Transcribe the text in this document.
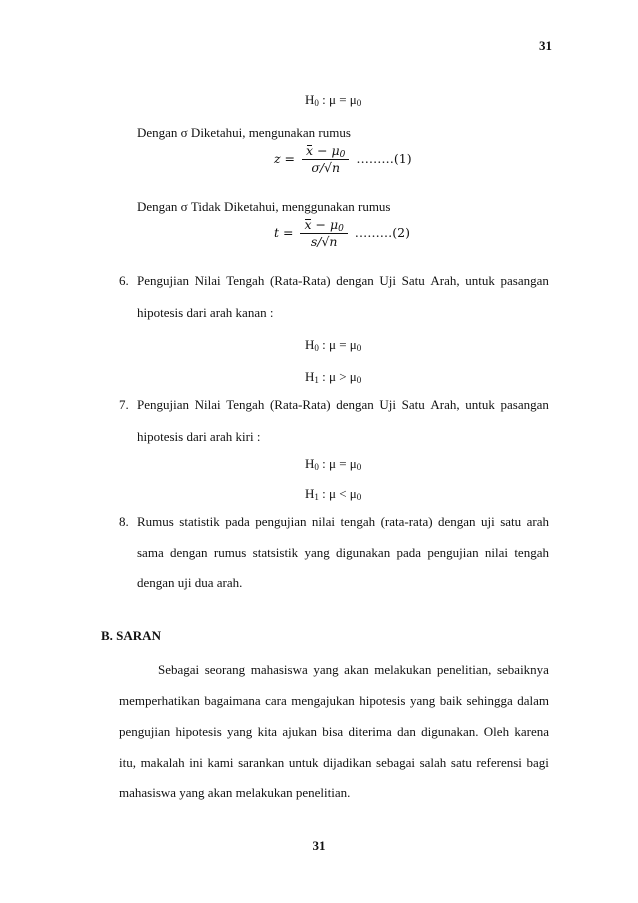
31
$H_0$ : $\mu = \mu_0$
Dengan σ Diketahui, mengunakan rumus
$z = \frac{x - \mu_0}{\sigma/√n}$ ………(1)
Dengan σ Tidak Diketahui, menggunakan rumus
$t = \frac{x - \mu_0}{s/√n}$ ………(2)
6. Pengujian Nilai Tengah (Rata-Rata) dengan Uji Satu Arah, untuk pasangan
hipotesis dari arah kanan :
$H_0$ : $\mu = \mu_0$
$H_1$ : $\mu > \mu_0$
7. Pengujian Nilai Tengah (Rata-Rata) dengan Uji Satu Arah, untuk pasangan
hipotesis dari arah kiri :
$H_0$ : $\mu = \mu_0$
$H_1$ : $\mu < \mu_0$
8. Rumus statistik pada pengujian nilai tengah (rata-rata) dengan uji satu arah
sama dengan rumus statsistik yang digunakan pada pengujian nilai tengah
dengan uji dua arah.
B. SARAN
Sebagai seorang mahasiswa yang akan melakukan penelitian, sebaiknya
memperhatikan bagaimana cara mengajukan hipotesis yang baik sehingga dalam
pengujian hipotesis yang kita ajukan bisa diterima dan digunakan. Oleh karena
itu, makalah ini kami sarankan untuk dijadikan sebagai salah satu referensi bagi
mahasiswa yang akan melakukan penelitian.
31
